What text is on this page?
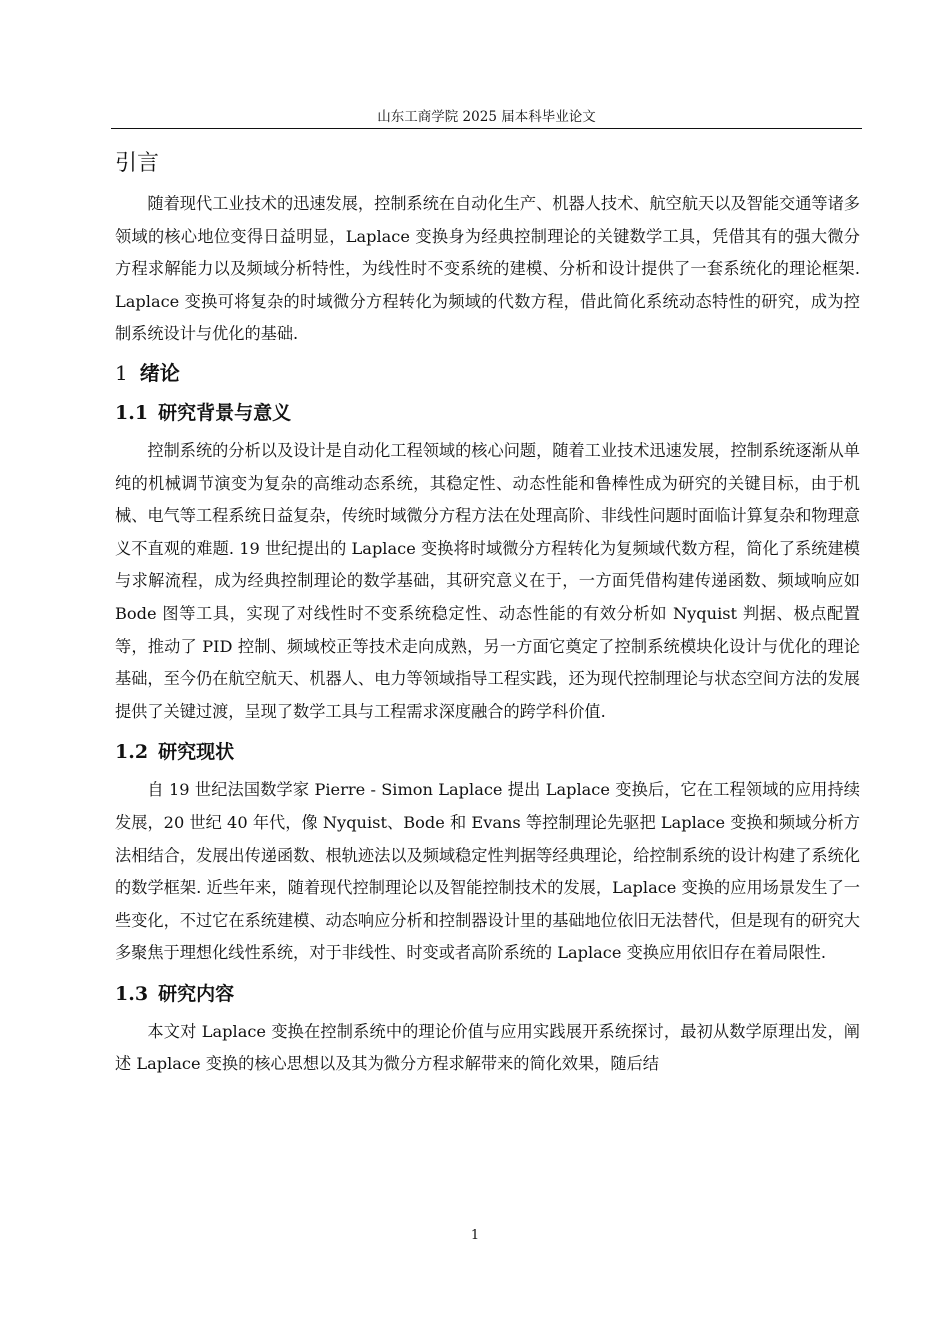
山东工商学院 2025 届本科毕业论文
引言

随着现代工业技术的迅速发展，控制系统在自动化生产、机器人技术、航空航天以及智能交通等诸多领域的核心地位变得日益明显，Laplace 变换身为经典控制理论的关键数学工具，凭借其有的强大微分方程求解能力以及频域分析特性，为线性时不变系统的建模、分析和设计提供了一套系统化的理论框架. Laplace 变换可将复杂的时域微分方程转化为频域的代数方程，借此简化系统动态特性的研究，成为控制系统设计与优化的基础.

1 绪论
1.1 研究背景与意义

控制系统的分析以及设计是自动化工程领域的核心问题，随着工业技术迅速发展，控制系统逐渐从单纯的机械调节演变为复杂的高维动态系统，其稳定性、动态性能和鲁棒性成为研究的关键目标，由于机械、电气等工程系统日益复杂，传统时域微分方程方法在处理高阶、非线性问题时面临计算复杂和物理意义不直观的难题. 19 世纪提出的 Laplace 变换将时域微分方程转化为复频域代数方程，简化了系统建模与求解流程，成为经典控制理论的数学基础，其研究意义在于，一方面凭借构建传递函数、频域响应如 Bode 图等工具，实现了对线性时不变系统稳定性、动态性能的有效分析如 Nyquist 判据、极点配置等，推动了 PID 控制、频域校正等技术走向成熟，另一方面它奠定了控制系统模块化设计与优化的理论基础，至今仍在航空航天、机器人、电力等领域指导工程实践，还为现代控制理论与状态空间方法的发展提供了关键过渡，呈现了数学工具与工程需求深度融合的跨学科价值.

1.2 研究现状

自 19 世纪法国数学家 Pierre - Simon Laplace 提出 Laplace 变换后，它在工程领域的应用持续发展，20 世纪 40 年代，像 Nyquist、Bode 和 Evans 等控制理论先驱把 Laplace 变换和频域分析方法相结合，发展出传递函数、根轨迹法以及频域稳定性判据等经典理论，给控制系统的设计构建了系统化的数学框架. 近些年来，随着现代控制理论以及智能控制技术的发展，Laplace 变换的应用场景发生了一些变化，不过它在系统建模、动态响应分析和控制器设计里的基础地位依旧无法替代，但是现有的研究大多聚焦于理想化线性系统，对于非线性、时变或者高阶系统的 Laplace 变换应用依旧存在着局限性.

1.3 研究内容

本文对 Laplace 变换在控制系统中的理论价值与应用实践展开系统探讨，最初从数学原理出发，阐述 Laplace 变换的核心思想以及其为微分方程求解带来的简化效果，随后结

1
